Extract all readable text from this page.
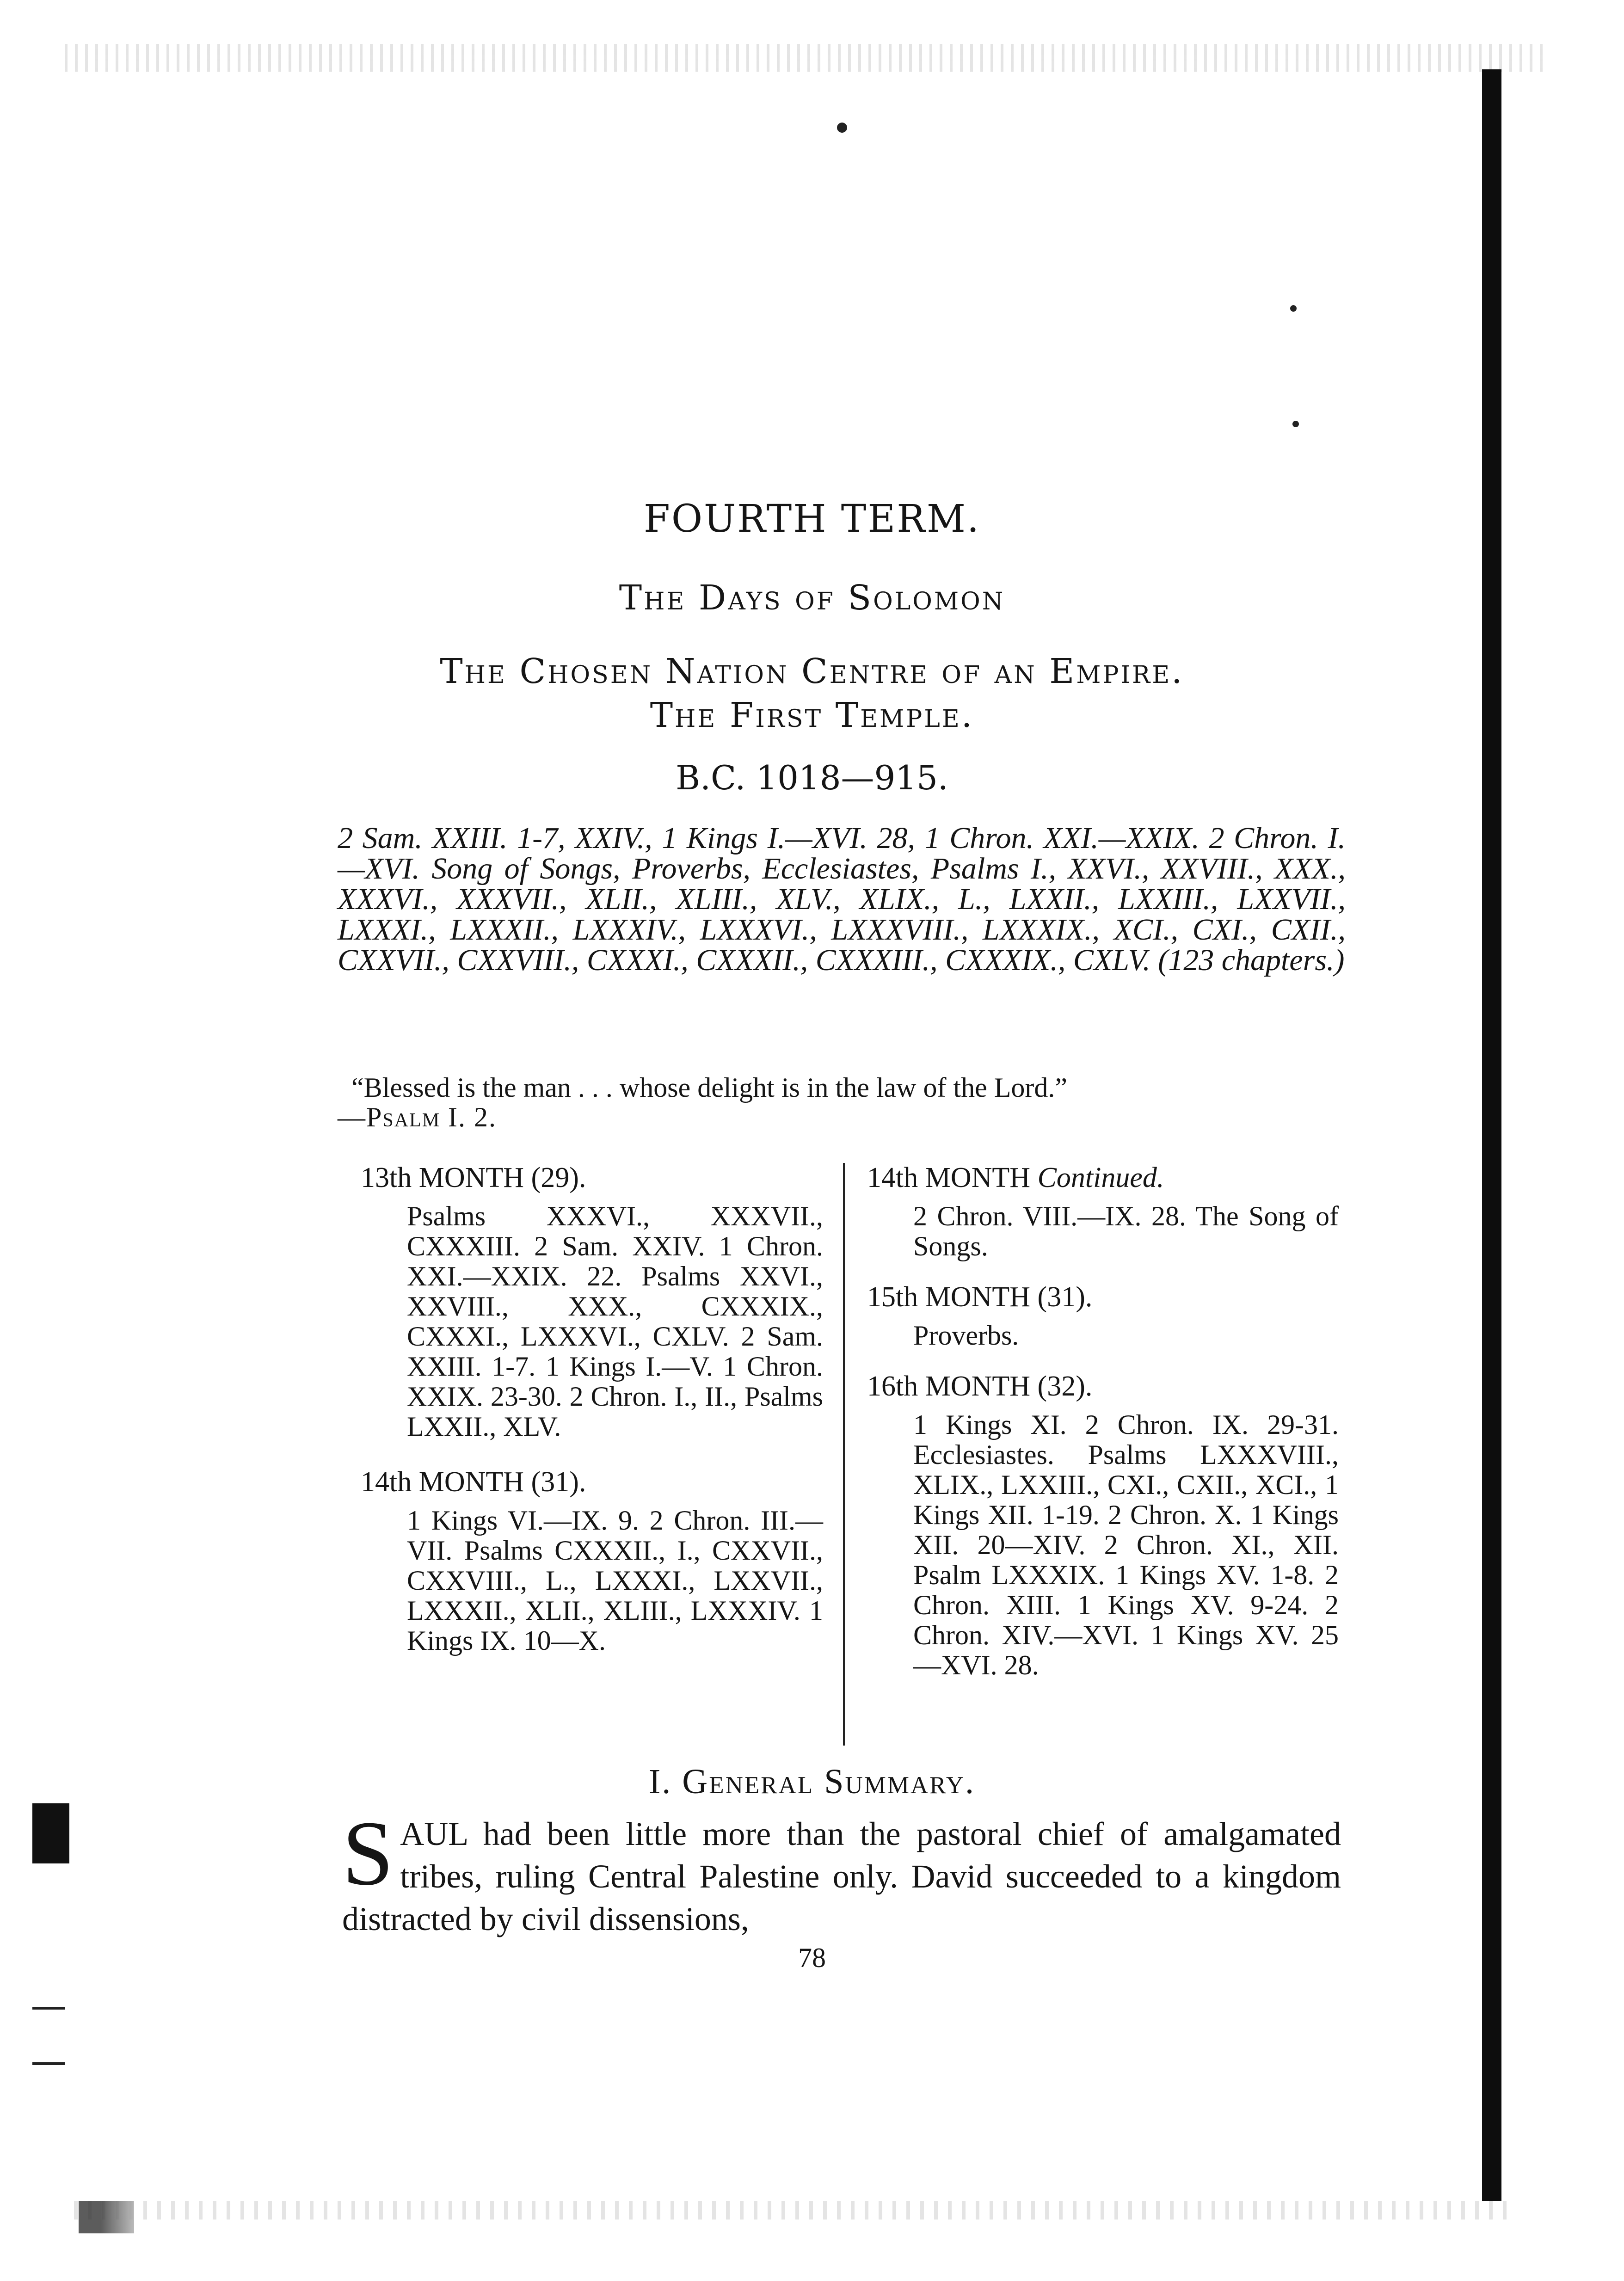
FOURTH TERM.
The Days of Solomon
The Chosen Nation Centre of an Empire.
The First Temple.
B.C. 1018—915.
2 Sam. XXIII. 1-7, XXIV., 1 Kings I.—XVI. 28, 1 Chron. XXI.—XXIX. 2 Chron. I.—XVI. Song of Songs, Proverbs, Ecclesiastes, Psalms I., XXVI., XXVIII., XXX., XXXVI., XXXVII., XLII., XLIII., XLV., XLIX., L., LXXII., LXXIII., LXXVII., LXXXI., LXXXII., LXXXIV., LXXXVI., LXXXVIII., LXXXIX., XCI., CXI., CXII., CXXVII., CXXVIII., CXXXI., CXXXII., CXXXIII., CXXXIX., CXLV. (123 chapters.)
“Blessed is the man . . . whose delight is in the law of the Lord.”
—Psalm I. 2.
13th MONTH (29).
Psalms XXXVI., XXXVII., CXXXIII. 2 Sam. XXIV. 1 Chron. XXI.—XXIX. 22. Psalms XXVI., XXVIII., XXX., CXXXIX., CXXXI., LXXXVI., CXLV. 2 Sam. XXIII. 1-7. 1 Kings I.—V. 1 Chron. XXIX. 23-30. 2 Chron. I., II., Psalms LXXII., XLV.
14th MONTH (31).
1 Kings VI.—IX. 9. 2 Chron. III.—VII. Psalms CXXXII., I., CXXVII., CXXVIII., L., LXXXI., LXXVII., LXXXII., XLII., XLIII., LXXXIV. 1 Kings IX. 10—X.
14th MONTH Continued.
2 Chron. VIII.—IX. 28. The Song of Songs.
15th MONTH (31).
Proverbs.
16th MONTH (32).
1 Kings XI. 2 Chron. IX. 29-31. Ecclesiastes. Psalms LXXXVIII., XLIX., LXXIII., CXI., CXII., XCI., 1 Kings XII. 1-19. 2 Chron. X. 1 Kings XII. 20—XIV. 2 Chron. XI., XII. Psalm LXXXIX. 1 Kings XV. 1-8. 2 Chron. XIII. 1 Kings XV. 9-24. 2 Chron. XIV.—XVI. 1 Kings XV. 25—XVI. 28.
I. General Summary.
SAUL had been little more than the pastoral chief of amalgamated tribes, ruling Central Palestine only. David succeeded to a kingdom distracted by civil dissensions,
78
